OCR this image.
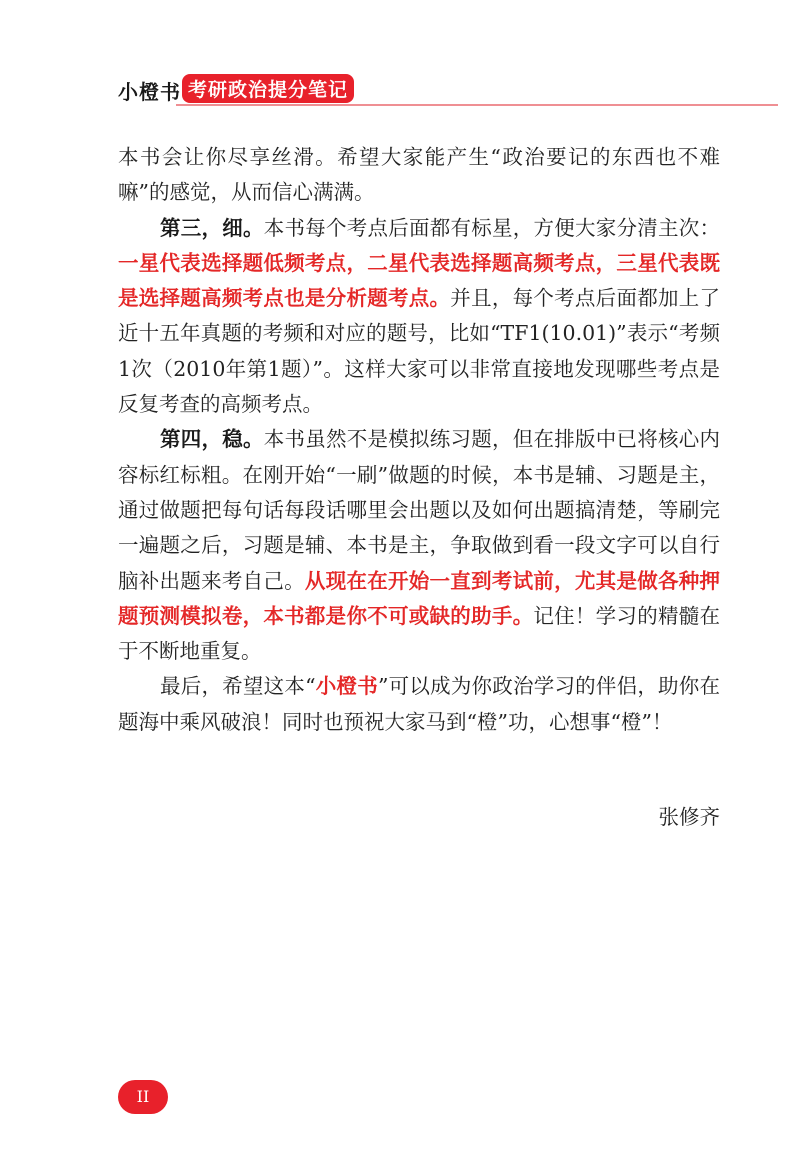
小橙书 考研政治提分笔记

本书会让你尽享丝滑。希望大家能产生“政治要记的东西也不难嘛”的感觉，从而信心满满。

第三，细。本书每个考点后面都有标星，方便大家分清主次：一星代表选择题低频考点，二星代表选择题高频考点，三星代表既是选择题高频考点也是分析题考点。并且，每个考点后面都加上了近十五年真题的考频和对应的题号，比如“TF1(10.01)”表示“考频1次（2010年第1题）”。这样大家可以非常直接地发现哪些考点是反复考查的高频考点。

第四，稳。本书虽然不是模拟练习题，但在排版中已将核心内容标红标粗。在刚开始“一刷”做题的时候，本书是辅、习题是主，通过做题把每句话每段话哪里会出题以及如何出题搞清楚，等刷完一遍题之后，习题是辅、本书是主，争取做到看一段文字可以自行脑补出题来考自己。从现在在开始一直到考试前，尤其是做各种押题预测模拟卷，本书都是你不可或缺的助手。记住！学习的精髓在于不断地重复。

最后，希望这本“小橙书”可以成为你政治学习的伴侣，助你在题海中乘风破浪！同时也预祝大家马到“橙”功，心想事“橙”！

张修齐
II
